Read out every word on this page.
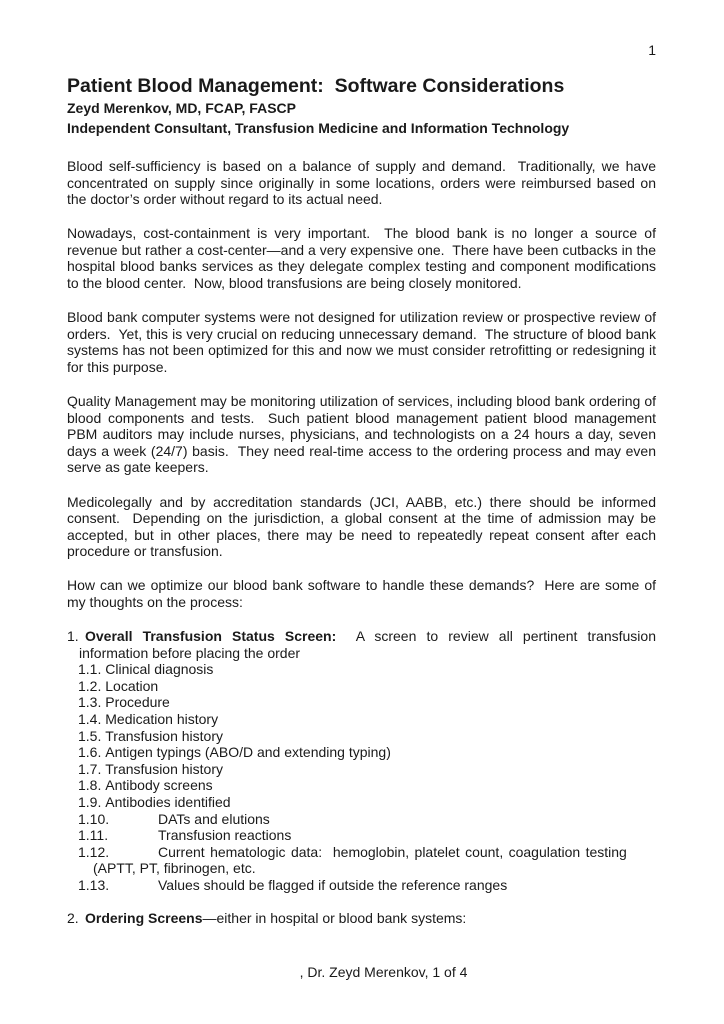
1
Patient Blood Management:  Software Considerations
Zeyd Merenkov, MD, FCAP, FASCP
Independent Consultant, Transfusion Medicine and Information Technology

Blood self-sufficiency is based on a balance of supply and demand.  Traditionally, we have concentrated on supply since originally in some locations, orders were reimbursed based on the doctor’s order without regard to its actual need.

Nowadays, cost-containment is very important.  The blood bank is no longer a source of revenue but rather a cost-center—and a very expensive one.  There have been cutbacks in the hospital blood banks services as they delegate complex testing and component modifications to the blood center.  Now, blood transfusions are being closely monitored.

Blood bank computer systems were not designed for utilization review or prospective review of orders.  Yet, this is very crucial on reducing unnecessary demand.  The structure of blood bank systems has not been optimized for this and now we must consider retrofitting or redesigning it for this purpose.

Quality Management may be monitoring utilization of services, including blood bank ordering of blood components and tests.  Such patient blood management patient blood management PBM auditors may include nurses, physicians, and technologists on a 24 hours a day, seven days a week (24/7) basis.  They need real-time access to the ordering process and may even serve as gate keepers.

Medicolegally and by accreditation standards (JCI, AABB, etc.) there should be informed consent.  Depending on the jurisdiction, a global consent at the time of admission may be accepted, but in other places, there may be need to repeatedly repeat consent after each procedure or transfusion.

How can we optimize our blood bank software to handle these demands?  Here are some of my thoughts on the process:

1. Overall Transfusion Status Screen:  A screen to review all pertinent transfusion information before placing the order
1.1. Clinical diagnosis
1.2. Location
1.3. Procedure
1.4. Medication history
1.5. Transfusion history
1.6. Antigen typings (ABO/D and extending typing)
1.7. Transfusion history
1.8. Antibody screens
1.9. Antibodies identified
1.10.	DATs and elutions
1.11.	Transfusion reactions
1.12.	Current hematologic data:  hemoglobin, platelet count, coagulation testing
(APTT, PT, fibrinogen, etc.
1.13.	Values should be flagged if outside the reference ranges
2. Ordering Screens—either in hospital or blood bank systems:
, Dr. Zeyd Merenkov, 1 of 4
